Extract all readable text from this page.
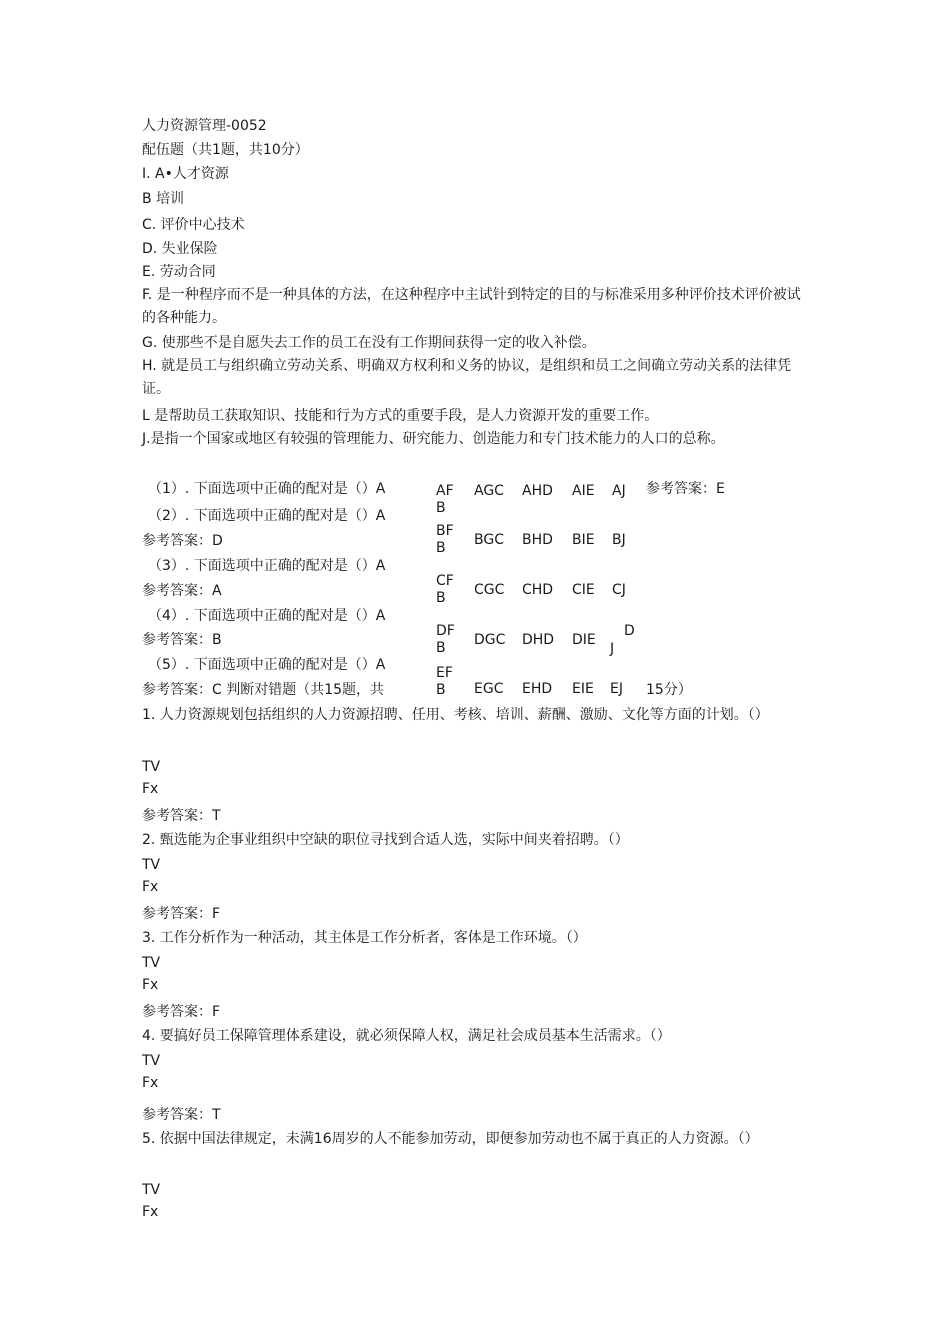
人力资源管理-0052
配伍题（共1题，共10分）
I. A•人才资源
B 培训
C. 评价中心技术
D. 失业保险
E. 劳动合同
F. 是一种程序而不是一种具体的方法，在这种程序中主试针到特定的目的与标准采用多种评价技术评价被试的各种能力。
G. 使那些不是自愿失去工作的员工在没有工作期间获得一定的收入补偿。
H. 就是员工与组织确立劳动关系、明确双方权利和义务的协议，是组织和员工之间确立劳动关系的法律凭证。
L 是帮助员工获取知识、技能和行为方式的重要手段，是人力资源开发的重要工作。
J.是指一个国家或地区有较强的管理能力、研究能力、创造能力和专门技术能力的人口的总称。
（1）. 下面选项中正确的配对是（）A	参考答案：E
（2）. 下面选项中正确的配对是（）A
参考答案：D
（3）. 下面选项中正确的配对是（）A
参考答案：A
（4）. 下面选项中正确的配对是（）A
参考答案：B
（5）. 下面选项中正确的配对是（）A
参考答案：C 判断对错题（共15题，共	15分）
AF
B
AGC AHD AIE AJ
BF
B BGC BHD BIE BJ
CF
B CGC CHD CIE CJ
DF
B DGC DHD DIE
D
J
EF
B EGC EHD EIE EJ
1. 人力资源规划包括组织的人力资源招聘、任用、考核、培训、薪酬、激励、文化等方面的计划。（）
TV
Fx
参考答案：T
2. 甄选能为企事业组织中空缺的职位寻找到合适人选，实际中间夹着招聘。（）
TV
Fx
参考答案：F
3. 工作分析作为一种活动，其主体是工作分析者，客体是工作环境。（）
TV
Fx
参考答案：F
4. 要搞好员工保障管理体系建设，就必须保障人权，满足社会成员基本生活需求。（）
TV
Fx
参考答案：T
5. 依据中国法律规定，未满16周岁的人不能参加劳动，即便参加劳动也不属于真正的人力资源。（）
TV
Fx
